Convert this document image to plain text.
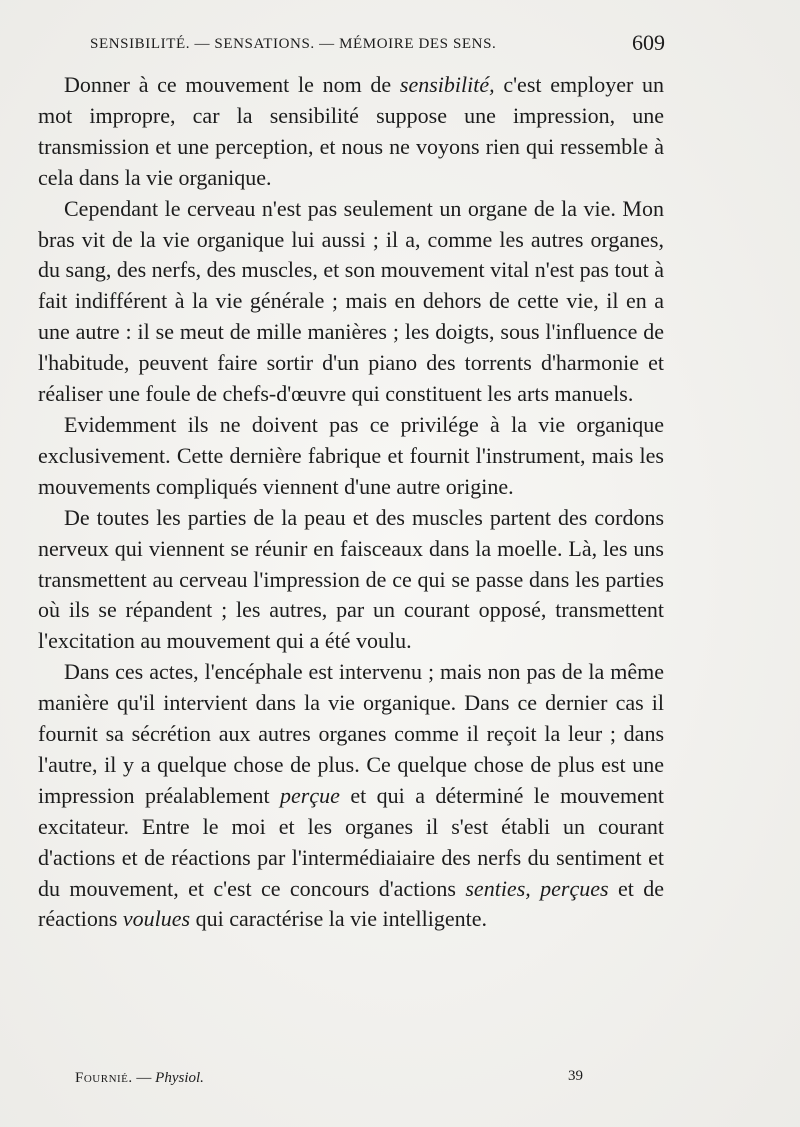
SENSIBILITÉ. — SENSATIONS. — MÉMOIRE DES SENS.	609

Donner à ce mouvement le nom de sensibilité, c'est employer un mot impropre, car la sensibilité suppose une impression, une transmission et une perception, et nous ne voyons rien qui ressemble à cela dans la vie organique.

Cependant le cerveau n'est pas seulement un organe de la vie. Mon bras vit de la vie organique lui aussi ; il a, comme les autres organes, du sang, des nerfs, des muscles, et son mouvement vital n'est pas tout à fait indifférent à la vie générale ; mais en dehors de cette vie, il en a une autre : il se meut de mille manières ; les doigts, sous l'influence de l'habitude, peuvent faire sortir d'un piano des torrents d'harmonie et réaliser une foule de chefs-d'œuvre qui constituent les arts manuels.

Evidemment ils ne doivent pas ce privilége à la vie organique exclusivement. Cette dernière fabrique et fournit l'instrument, mais les mouvements compliqués viennent d'une autre origine.

De toutes les parties de la peau et des muscles partent des cordons nerveux qui viennent se réunir en faisceaux dans la moelle. Là, les uns transmettent au cerveau l'impression de ce qui se passe dans les parties où ils se répandent ; les autres, par un courant opposé, transmettent l'excitation au mouvement qui a été voulu.

Dans ces actes, l'encéphale est intervenu ; mais non pas de la même manière qu'il intervient dans la vie organique. Dans ce dernier cas il fournit sa sécrétion aux autres organes comme il reçoit la leur ; dans l'autre, il y a quelque chose de plus. Ce quelque chose de plus est une impression préalablement perçue et qui a déterminé le mouvement excitateur. Entre le moi et les organes il s'est établi un courant d'actions et de réactions par l'intermédiaiaire des nerfs du sentiment et du mouvement, et c'est ce concours d'actions senties, perçues et de réactions voulues qui caractérise la vie intelligente.

Fournié. — Physiol.	39
